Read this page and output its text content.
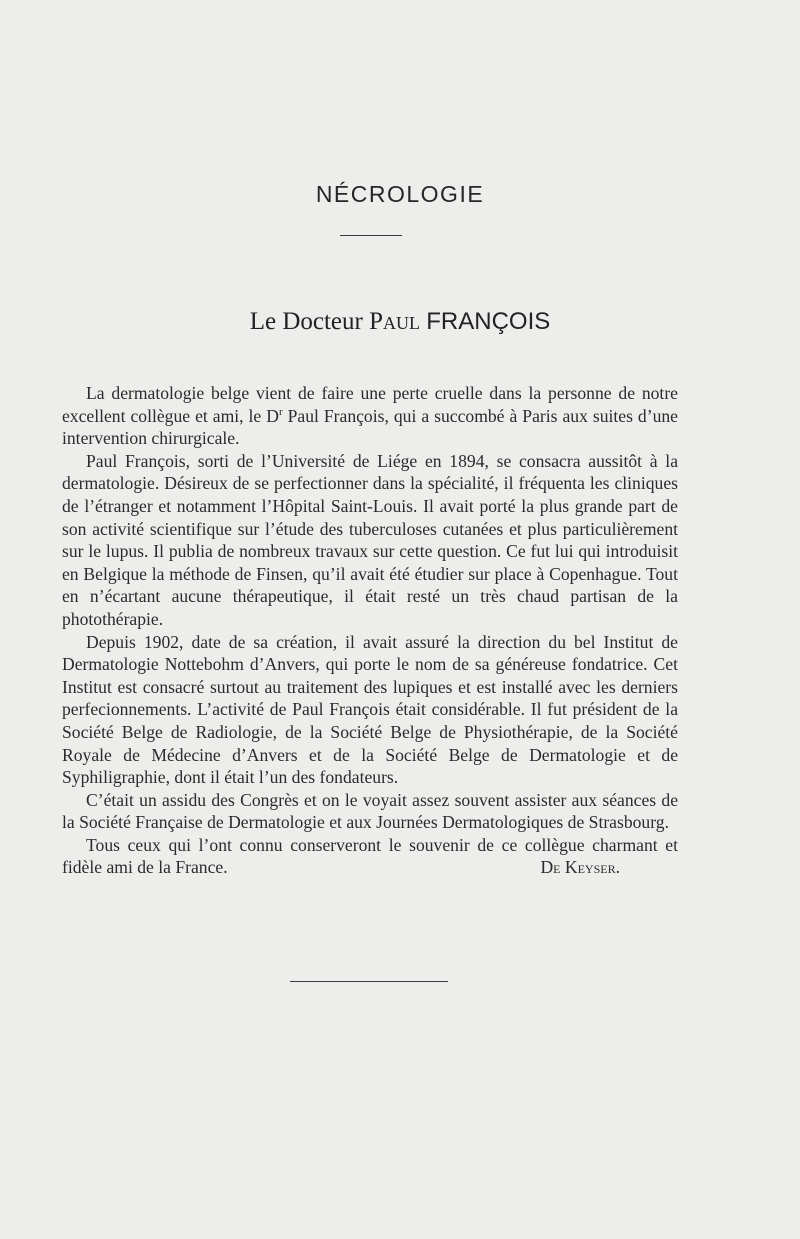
NÉCROLOGIE
Le Docteur Paul FRANÇOIS

La dermatologie belge vient de faire une perte cruelle dans la personne de notre excellent collègue et ami, le $D^r$ Paul François, qui a succombé à Paris aux suites d’une intervention chirurgicale.

Paul François, sorti de l’Université de Liége en 1894, se consacra aussitôt à la dermatologie. Désireux de se perfectionner dans la spécialité, il fréquenta les cliniques de l’étranger et notamment l’Hôpital Saint-Louis. Il avait porté la plus grande part de son activité scientifique sur l’étude des tuberculoses cutanées et plus particulièrement sur le lupus. Il publia de nombreux travaux sur cette question. Ce fut lui qui introduisit en Belgique la méthode de Finsen, qu’il avait été étudier sur place à Copenhague. Tout en n’écartant aucune thérapeutique, il était resté un très chaud partisan de la photothérapie.

Depuis 1902, date de sa création, il avait assuré la direction du bel Institut de Dermatologie Nottebohm d’Anvers, qui porte le nom de sa généreuse fondatrice. Cet Institut est consacré surtout au traitement des lupiques et est installé avec les derniers perfecionnements. L’activité de Paul François était considérable. Il fut président de la Société Belge de Radiologie, de la Société Belge de Physiothérapie, de la Société Royale de Médecine d’Anvers et de la Société Belge de Dermatologie et de Syphiligraphie, dont il était l’un des fondateurs.

C’était un assidu des Congrès et on le voyait assez souvent assister aux séances de la Société Française de Dermatologie et aux Journées Dermatologiques de Strasbourg.

Tous ceux qui l’ont connu conserveront le souvenir de ce collègue charmant et fidèle ami de la France.	De Keyser.
